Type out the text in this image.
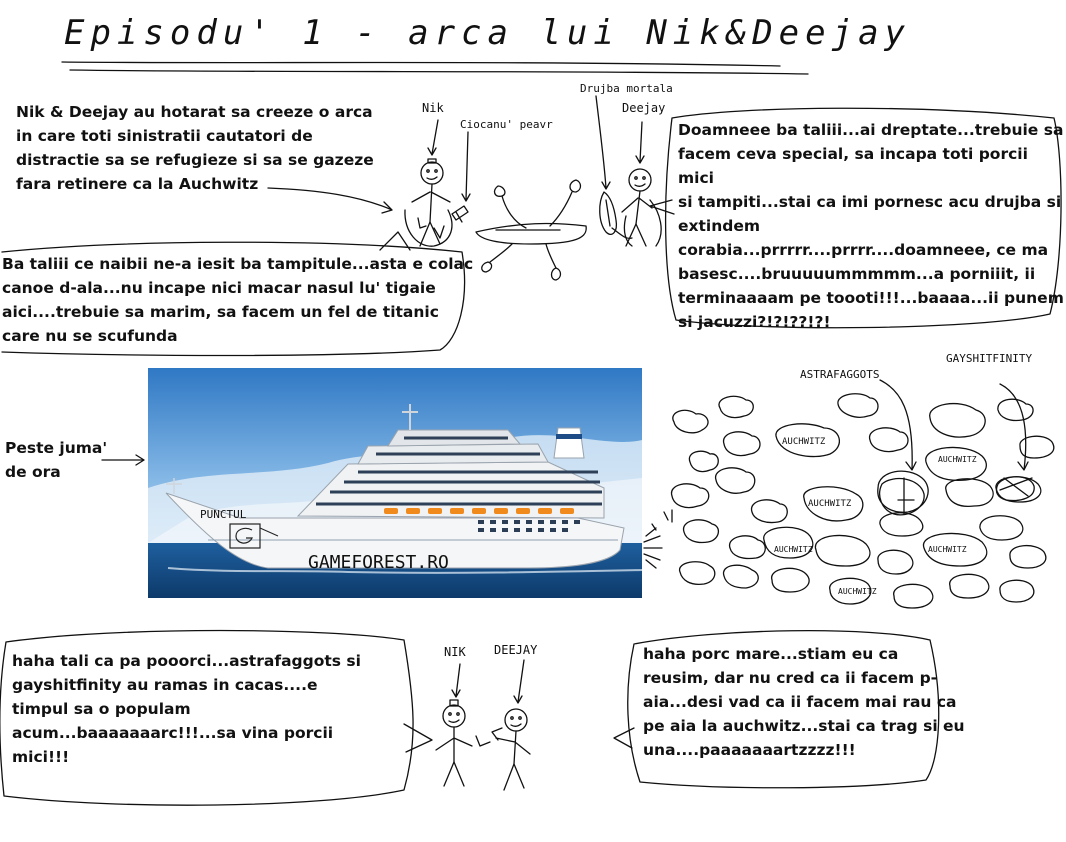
Episodu' 1 - arca lui Nik&Deejay
Nik
Ciocanu' peavr
Drujba mortala
Deejay
ASTRAFAGGOTS
GAYSHITFINITY
AUCHWITZ
AUCHWITZ
AUCHWITZ
AUCHWITZ	AUCHWITZ
AUCHWITZ
NIK DEEJAY
PUNCTUL
GAMEFOREST.RO
Nik & Deejay au hotarat sa creeze o arca
in care toti sinistratii cautatori de
distractie sa se refugieze si sa se gazeze
fara retinere ca la Auchwitz
Doamneee ba taliii...ai dreptate...trebuie sa
facem ceva special, sa incapa toti porcii mici
si tampiti...stai ca imi pornesc acu drujba si
extindem
corabia...prrrrr....prrrr....doamneee, ce ma
basesc....bruuuuummmmm...a porniiit, ii
terminaaaam pe toooti!!!...baaaa...ii punem
si jacuzzi?!?!??!?!
Ba taliii ce naibii ne-a iesit ba tampitule...asta e colac
canoe d-ala...nu incape nici macar nasul lu' tigaie
aici....trebuie sa marim, sa facem un fel de titanic
care nu se scufunda
Peste juma'
de ora
haha tali ca pa pooorci...astrafaggots si
gayshitfinity au ramas in cacas....e
timpul sa o populam
acum...baaaaaaarc!!!...sa vina porcii
mici!!!
haha porc mare...stiam eu ca
reusim, dar nu cred ca ii facem p-
aia...desi vad ca ii facem mai rau ca
pe aia la auchwitz...stai ca trag si eu
una....paaaaaaartzzzz!!!
